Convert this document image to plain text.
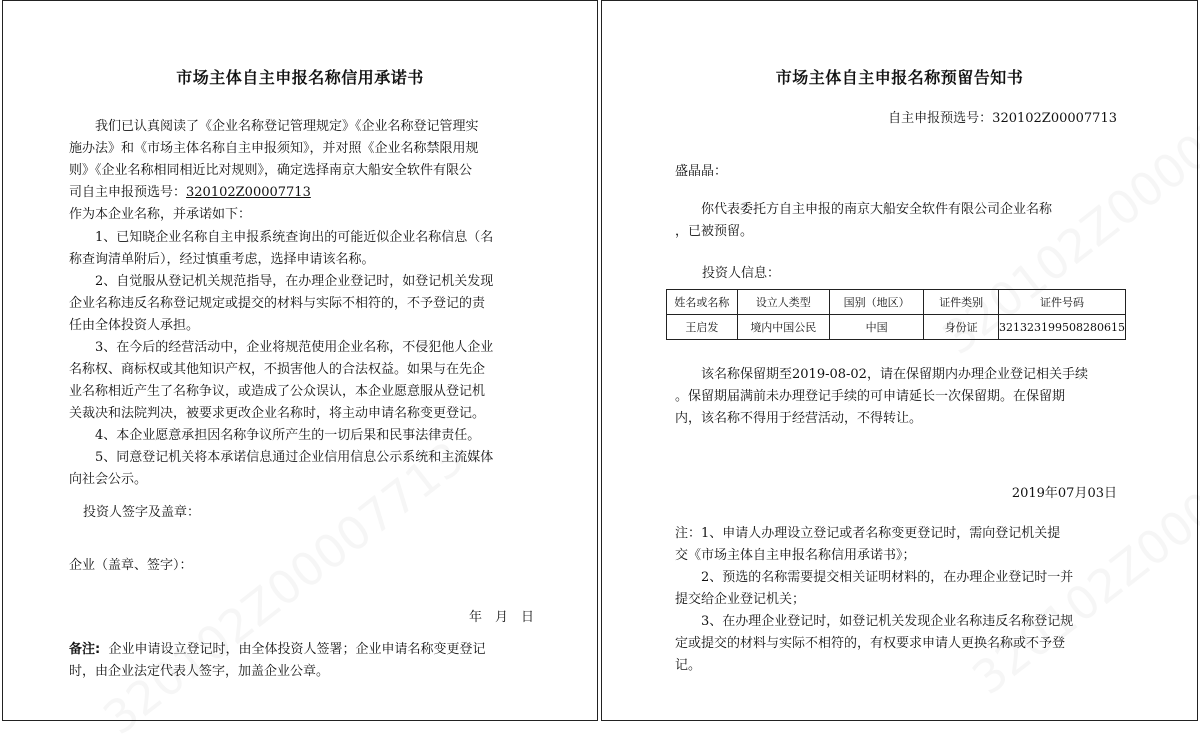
市场主体自主申报名称信用承诺书
我们已认真阅读了《企业名称登记管理规定》《企业名称登记管理实
施办法》和《市场主体名称自主申报须知》，并对照《企业名称禁限用规
则》《企业名称相同相近比对规则》，确定选择南京大船安全软件有限公
司自主申报预选号：320102Z00007713
作为本企业名称，并承诺如下：
1、已知晓企业名称自主申报系统查询出的可能近似企业名称信息（名
称查询清单附后），经过慎重考虑，选择申请该名称。
2、自觉服从登记机关规范指导，在办理企业登记时，如登记机关发现
企业名称违反名称登记规定或提交的材料与实际不相符的，不予登记的责
任由全体投资人承担。
3、在今后的经营活动中，企业将规范使用企业名称，不侵犯他人企业
名称权、商标权或其他知识产权，不损害他人的合法权益。如果与在先企
业名称相近产生了名称争议，或造成了公众误认，本企业愿意服从登记机
关裁决和法院判决，被要求更改企业名称时，将主动申请名称变更登记。
4、本企业愿意承担因名称争议所产生的一切后果和民事法律责任。
5、同意登记机关将本承诺信息通过企业信用信息公示系统和主流媒体
向社会公示。
投资人签字及盖章：
企业（盖章、签字）：
年　月　日
备注: 企业申请设立登记时，由全体投资人签署；企业申请名称变更登记
时，由企业法定代表人签字，加盖企业公章。
市场主体自主申报名称预留告知书
自主申报预选号：320102Z00007713
盛晶晶：
你代表委托方自主申报的南京大船安全软件有限公司企业名称
，已被预留。
投资人信息：
姓名或名称	设立人类型	国别（地区）	证件类别	证件号码
王启发	境内中国公民	中国	身份证	321323199508280615
该名称保留期至2019-08-02，请在保留期内办理企业登记相关手续
。保留期届满前未办理登记手续的可申请延长一次保留期。在保留期
内，该名称不得用于经营活动，不得转让。
2019年07月03日
注：1、申请人办理设立登记或者名称变更登记时，需向登记机关提
交《市场主体自主申报名称信用承诺书》；
2、预选的名称需要提交相关证明材料的，在办理企业登记时一并
提交给企业登记机关；
3、在办理企业登记时，如登记机关发现企业名称违反名称登记规
定或提交的材料与实际不相符的，有权要求申请人更换名称或不予登
记。
